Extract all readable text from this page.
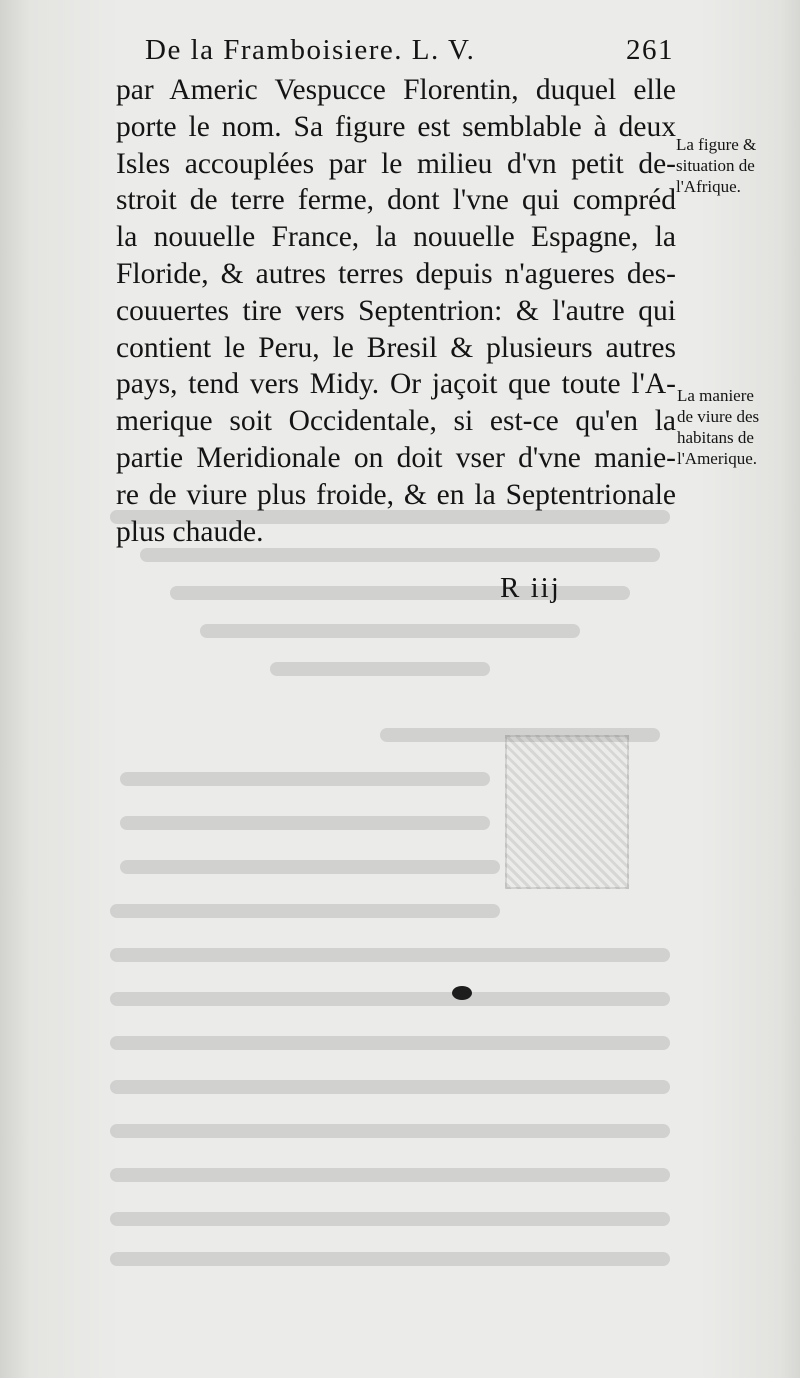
De la Framboisiere. L. V.	261
par Americ Vespucce Florentin, duquel elle
porte le nom. Sa figure est semblable à deux
Isles accouplées par le milieu d'vn petit de-
stroit de terre ferme, dont l'vne qui compréd
la nouuelle France, la nouuelle Espagne, la
Floride, & autres terres depuis n'agueres des-
couuertes tire vers Septentrion: & l'autre qui
contient le Peru, le Bresil & plusieurs autres
pays, tend vers Midy. Or jaçoit que toute l'A-
merique soit Occidentale, si est-ce qu'en la
partie Meridionale on doit vser d'vne manie-
re de viure plus froide, & en la Septentrionale
plus chaude.
La figure &
situation de
l'Afrique.
La maniere
de viure des
habitans de
l'Amerique.
R iij
